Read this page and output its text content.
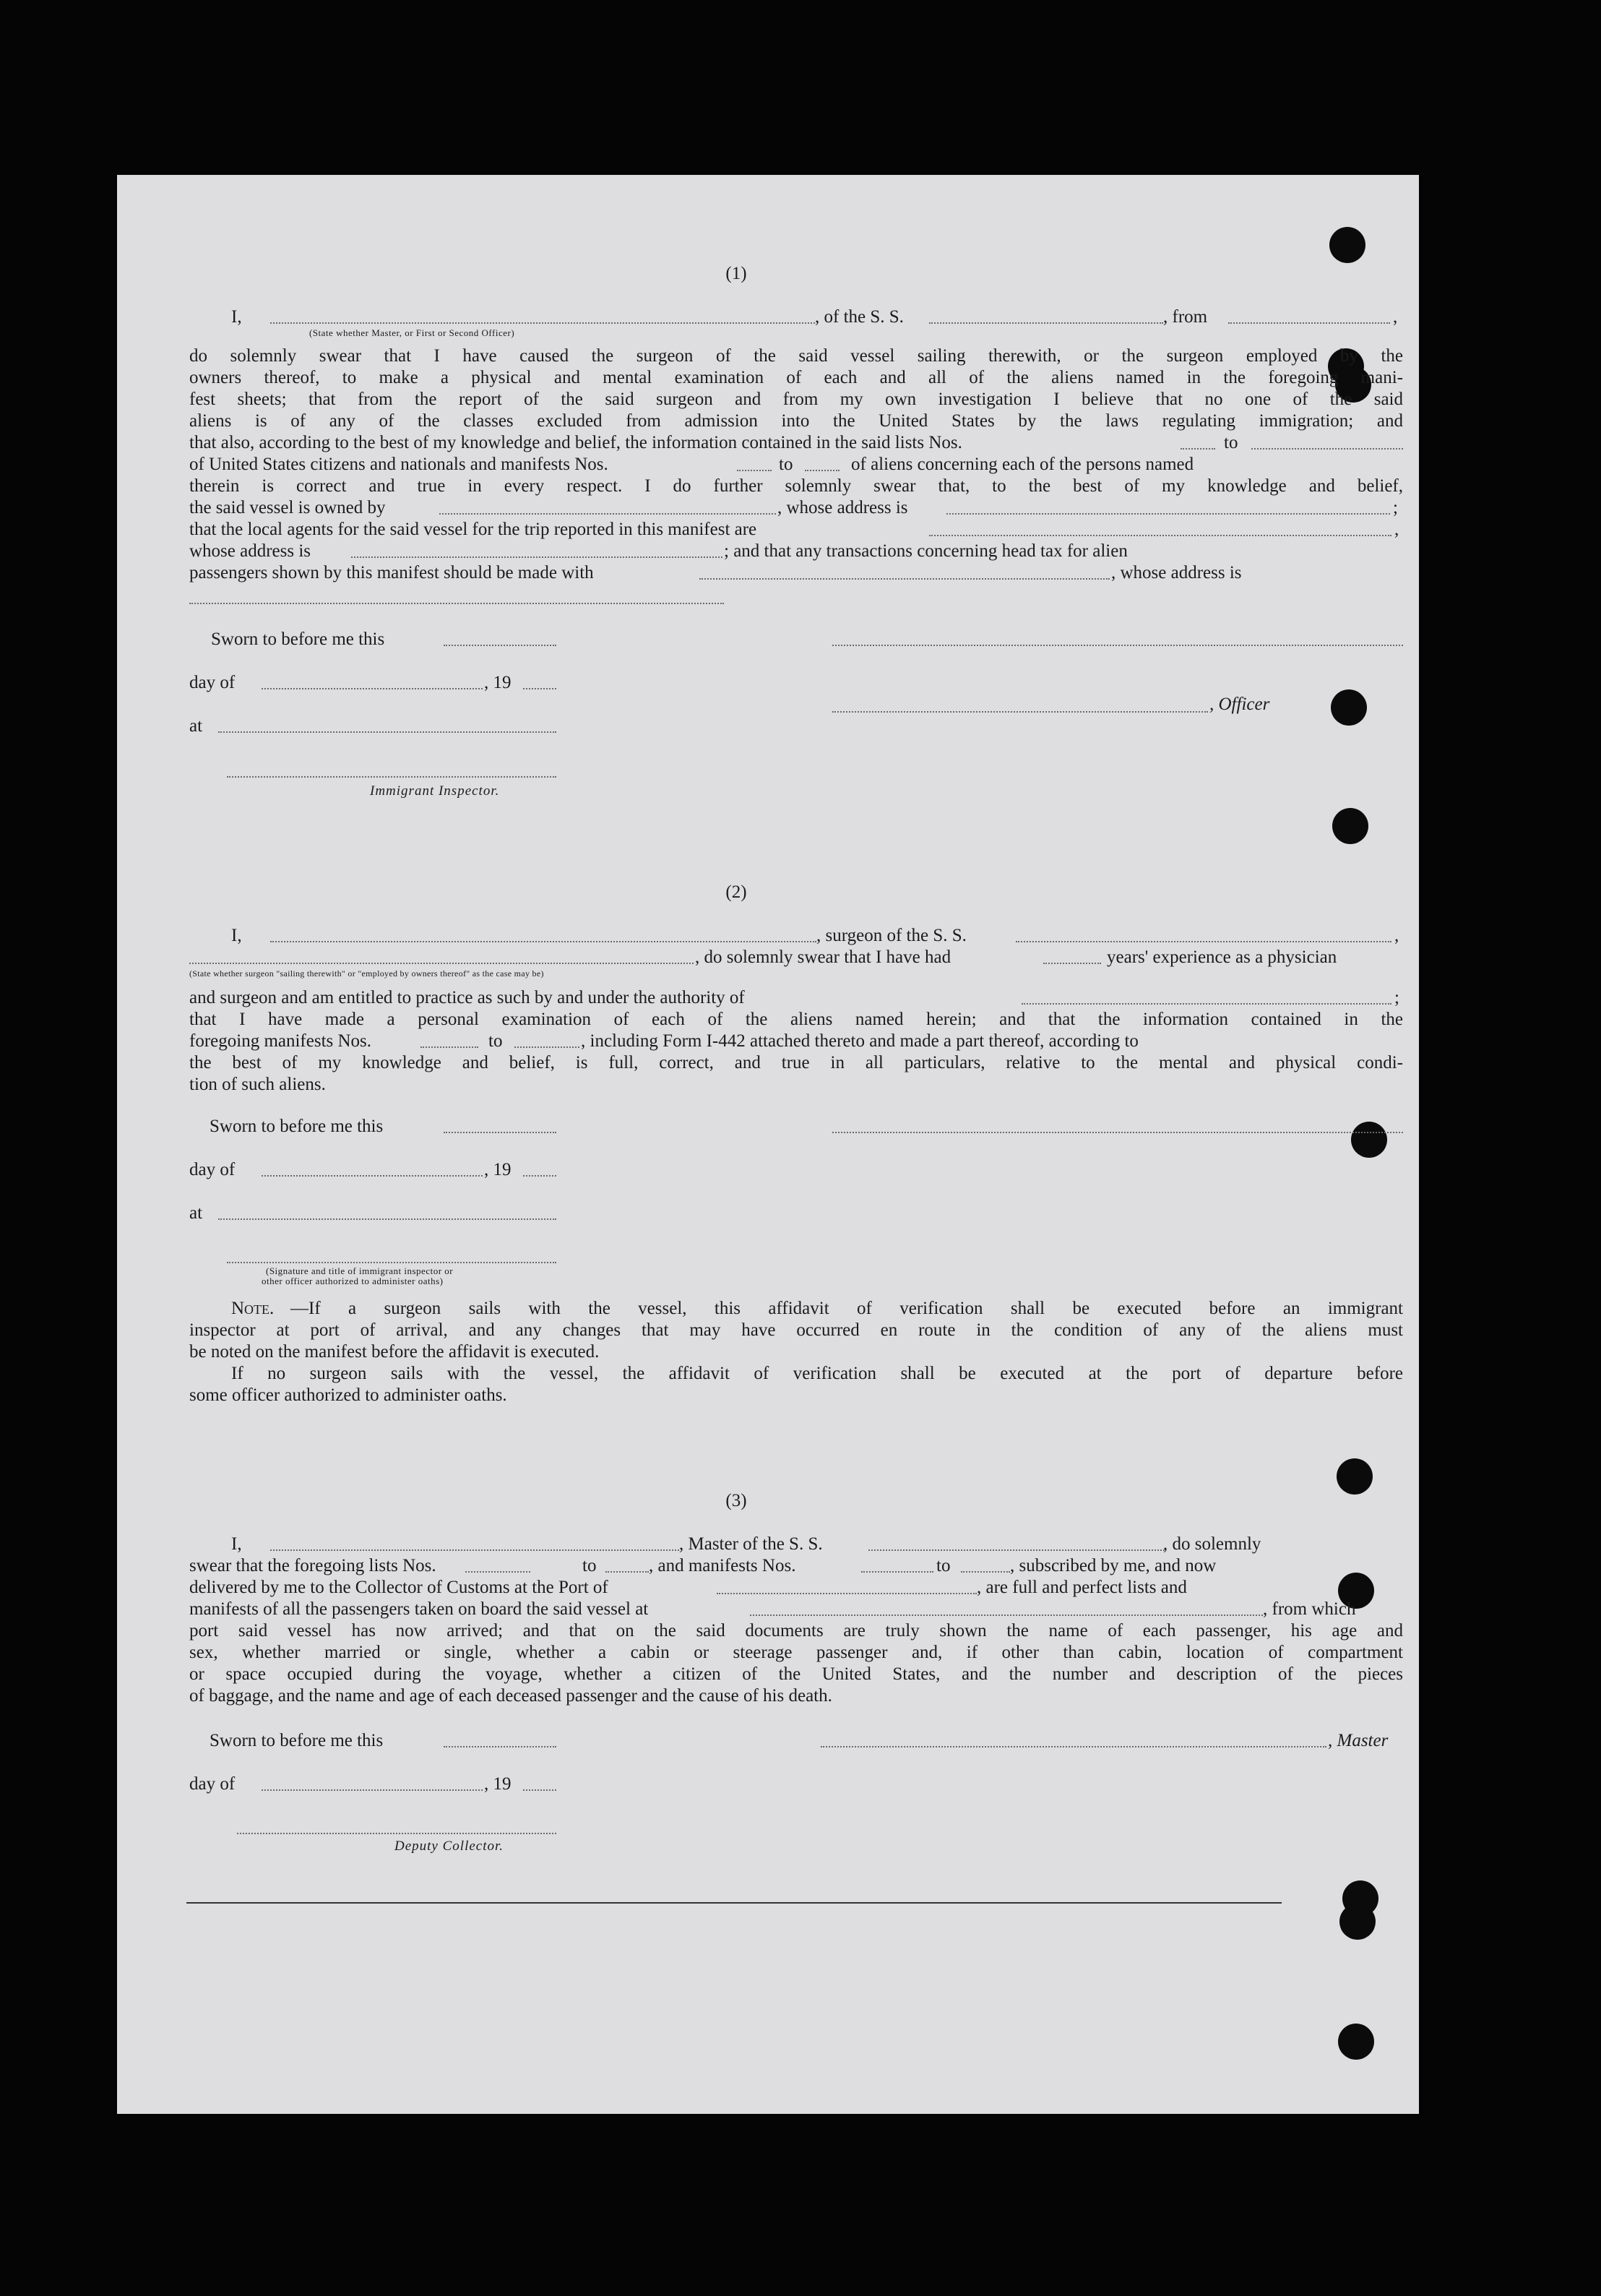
(1)
I,	, of the S. S.	, from	,
(State whether Master, or First or Second Officer)
do solemnly swear that I have caused the surgeon of the said vessel sailing therewith, or the surgeon employed by the
owners thereof, to make a physical and mental examination of each and all of the aliens named in the foregoing mani-
fest sheets; that from the report of the said surgeon and from my own investigation I believe that no one of the said
aliens is of any of the classes excluded from admission into the United States by the laws regulating immigration; and
that also, according to the best of my knowledge and belief, the information contained in the said lists Nos.	to
of United States citizens and nationals and manifests Nos.	to	of aliens concerning each of the persons named
therein is correct and true in every respect. I do further solemnly swear that, to the best of my knowledge and belief,
the said vessel is owned by	, whose address is	;
that the local agents for the said vessel for the trip reported in this manifest are	,
whose address is	; and that any transactions concerning head tax for alien
passengers shown by this manifest should be made with	, whose address is
Sworn to before me this
day of	, 19
at
, Officer
Immigrant Inspector.
(2)
I,	, surgeon of the S. S.	,
, do solemnly swear that I have had	years' experience as a physician
(State whether surgeon "sailing therewith" or "employed by owners thereof" as the case may be)
and surgeon and am entitled to practice as such by and under the authority of	;
that I have made a personal examination of each of the aliens named herein; and that the information contained in the
foregoing manifests Nos.	to	, including Form I-442 attached thereto and made a part thereof, according to
the best of my knowledge and belief, is full, correct, and true in all particulars, relative to the mental and physical condi-
tion of such aliens.
Sworn to before me this
day of	, 19
at
(Signature and title of immigrant inspector or
other officer authorized to administer oaths)
Note. —If a surgeon sails with the vessel, this affidavit of verification shall be executed before an immigrant
inspector at port of arrival, and any changes that may have occurred en route in the condition of any of the aliens must
be noted on the manifest before the affidavit is executed.
If no surgeon sails with the vessel, the affidavit of verification shall be executed at the port of departure before
some officer authorized to administer oaths.
(3)
I,	, Master of the S. S.	, do solemnly
swear that the foregoing lists Nos.	to	, and manifests Nos.	to	, subscribed by me, and now
delivered by me to the Collector of Customs at the Port of	, are full and perfect lists and
manifests of all the passengers taken on board the said vessel at	, from which
port said vessel has now arrived; and that on the said documents are truly shown the name of each passenger, his age and
sex, whether married or single, whether a cabin or steerage passenger and, if other than cabin, location of compartment
or space occupied during the voyage, whether a citizen of the United States, and the number and description of the pieces
of baggage, and the name and age of each deceased passenger and the cause of his death.
Sworn to before me this	, Master
day of	, 19
Deputy Collector.
